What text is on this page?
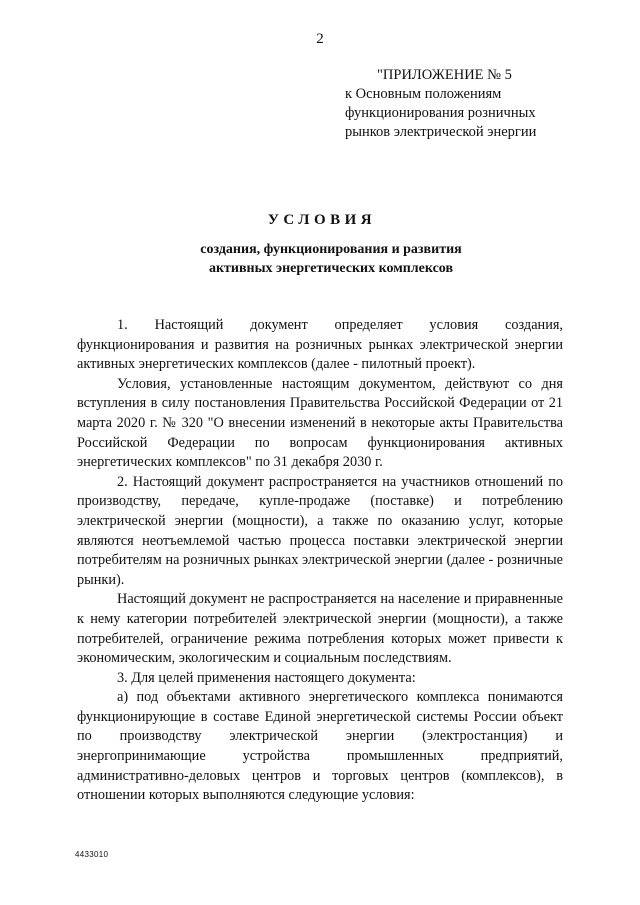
2
"ПРИЛОЖЕНИЕ № 5
к Основным положениям
функционирования розничных
рынков электрической энергии
УСЛОВИЯ
создания, функционирования и развития
активных энергетических комплексов

1. Настоящий документ определяет условия создания, функционирования и развития на розничных рынках электрической энергии активных энергетических комплексов (далее - пилотный проект).

Условия, установленные настоящим документом, действуют со дня вступления в силу постановления Правительства Российской Федерации от 21 марта 2020 г. № 320 "О внесении изменений в некоторые акты Правительства Российской Федерации по вопросам функционирования активных энергетических комплексов" по 31 декабря 2030 г.

2. Настоящий документ распространяется на участников отношений по производству, передаче, купле-продаже (поставке) и потреблению электрической энергии (мощности), а также по оказанию услуг, которые являются неотъемлемой частью процесса поставки электрической энергии потребителям на розничных рынках электрической энергии (далее - розничные рынки).

Настоящий документ не распространяется на население и приравненные к нему категории потребителей электрической энергии (мощности), а также потребителей, ограничение режима потребления которых может привести к экономическим, экологическим и социальным последствиям.

3. Для целей применения настоящего документа:

а) под объектами активного энергетического комплекса понимаются функционирующие в составе Единой энергетической системы России объект по производству электрической энергии (электростанция) и энергопринимающие устройства промышленных предприятий, административно-деловых центров и торговых центров (комплексов), в отношении которых выполняются следующие условия:

4433010
